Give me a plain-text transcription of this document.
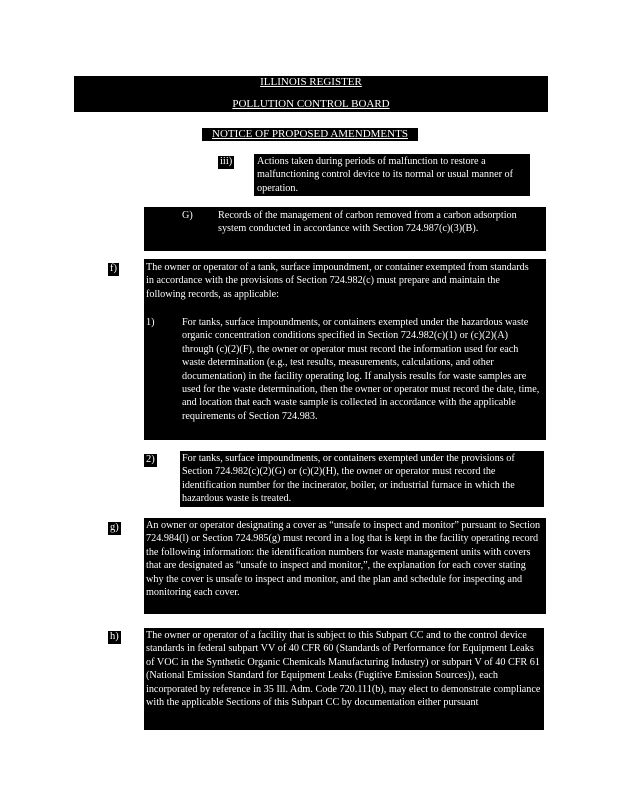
ILLINOIS REGISTER
POLLUTION CONTROL BOARD
NOTICE OF PROPOSED AMENDMENTS
iii) Actions taken during periods of malfunction to restore a malfunctioning control device to its normal or usual manner of operation.
G) Records of the management of carbon removed from a carbon adsorption system conducted in accordance with Section 724.987(c)(3)(B).
f)	The owner or operator of a tank, surface impoundment, or container exempted from standards in accordance with the provisions of Section 724.982(c) must prepare and maintain the following records, as applicable:
1)	For tanks, surface impoundments, or containers exempted under the hazardous waste organic concentration conditions specified in Section 724.982(c)(1) or (c)(2)(A) through (c)(2)(F), the owner or operator must record the information used for each waste determination (e.g., test results, measurements, calculations, and other documentation) in the facility operating log. If analysis results for waste samples are used for the waste determination, then the owner or operator must record the date, time, and location that each waste sample is collected in accordance with the applicable requirements of Section 724.983.
2)	For tanks, surface impoundments, or containers exempted under the provisions of Section 724.982(c)(2)(G) or (c)(2)(H), the owner or operator must record the identification number for the incinerator, boiler, or industrial furnace in which the hazardous waste is treated.
g)	An owner or operator designating a cover as “unsafe to inspect and monitor” pursuant to Section 724.984(l) or Section 724.985(g) must record in a log that is kept in the facility operating record the following information: the identification numbers for waste management units with covers that are designated as “unsafe to inspect and monitor,”, the explanation for each cover stating why the cover is unsafe to inspect and monitor, and the plan and schedule for inspecting and monitoring each cover.
h)	The owner or operator of a facility that is subject to this Subpart CC and to the control device standards in federal subpart VV of 40 CFR 60 (Standards of Performance for Equipment Leaks of VOC in the Synthetic Organic Chemicals Manufacturing Industry) or subpart V of 40 CFR 61 (National Emission Standard for Equipment Leaks (Fugitive Emission Sources)), each incorporated by reference in 35 Ill. Adm. Code 720.111(b), may elect to demonstrate compliance with the applicable Sections of this Subpart CC by documentation either pursuant
